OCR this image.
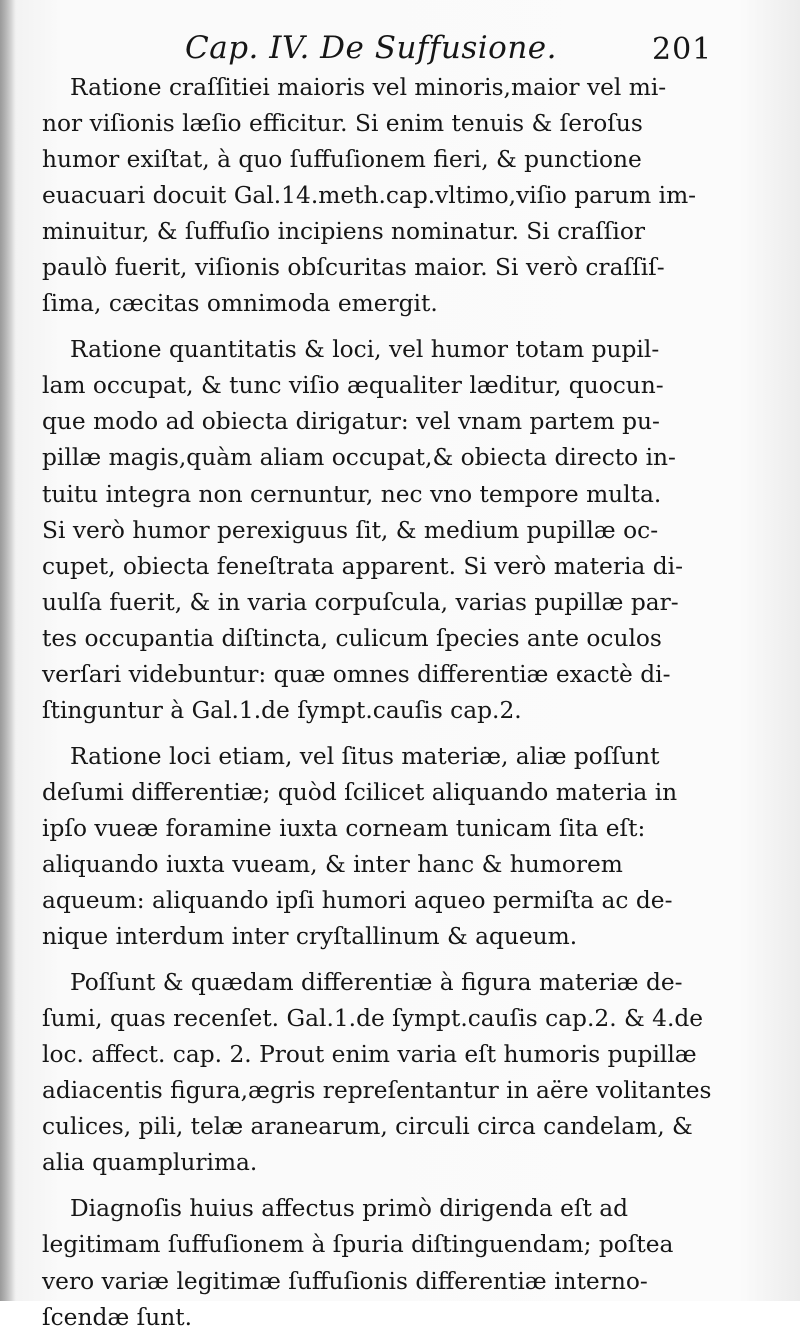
Cap. IV. De Suffusione.	201

Ratione craſſitiei maioris vel minoris,maior vel mi-
nor viſionis læſio efficitur. Si enim tenuis & ſeroſus
humor exiſtat, à quo ſuffuſionem fieri, & punctione
euacuari docuit Gal.14.meth.cap.vltimo,viſio parum im-
minuitur, & ſuffuſio incipiens nominatur. Si craſſior
paulò fuerit, viſionis obſcuritas maior. Si verò craſſiſ-
ſima, cæcitas omnimoda emergit.

Ratione quantitatis & loci, vel humor totam pupil-
lam occupat, & tunc viſio æqualiter læditur, quocun-
que modo ad obiecta dirigatur: vel vnam partem pu-
pillæ magis,quàm aliam occupat,& obiecta directo in-
tuitu integra non cernuntur, nec vno tempore multa.
Si verò humor perexiguus ſit, & medium pupillæ oc-
cupet, obiecta feneſtrata apparent. Si verò materia di-
uulſa fuerit, & in varia corpuſcula, varias pupillæ par-
tes occupantia diſtincta, culicum ſpecies ante oculos
verſari videbuntur: quæ omnes differentiæ exactè di-
ſtinguntur à Gal.1.de ſympt.cauſis cap.2.

Ratione loci etiam, vel ſitus materiæ, aliæ poſſunt
deſumi differentiæ; quòd ſcilicet aliquando materia in
ipſo vueæ foramine iuxta corneam tunicam ſita eſt:
aliquando iuxta vueam, & inter hanc & humorem
aqueum: aliquando ipſi humori aqueo permiſta ac de-
nique interdum inter cryſtallinum & aqueum.

Poſſunt & quædam differentiæ à figura materiæ de-
ſumi, quas recenſet. Gal.1.de ſympt.cauſis cap.2. & 4.de
loc. affect. cap. 2. Prout enim varia eſt humoris pupillæ
adiacentis figura,ægris repreſentantur in aëre volitantes
culices, pili, telæ aranearum, circuli circa candelam, &
alia quamplurima.

Diagnoſis huius affectus primò dirigenda eſt ad
legitimam ſuffuſionem à ſpuria diſtinguendam; poſtea
vero variæ legitimæ ſuffuſionis differentiæ interno-
ſcendæ ſunt.
